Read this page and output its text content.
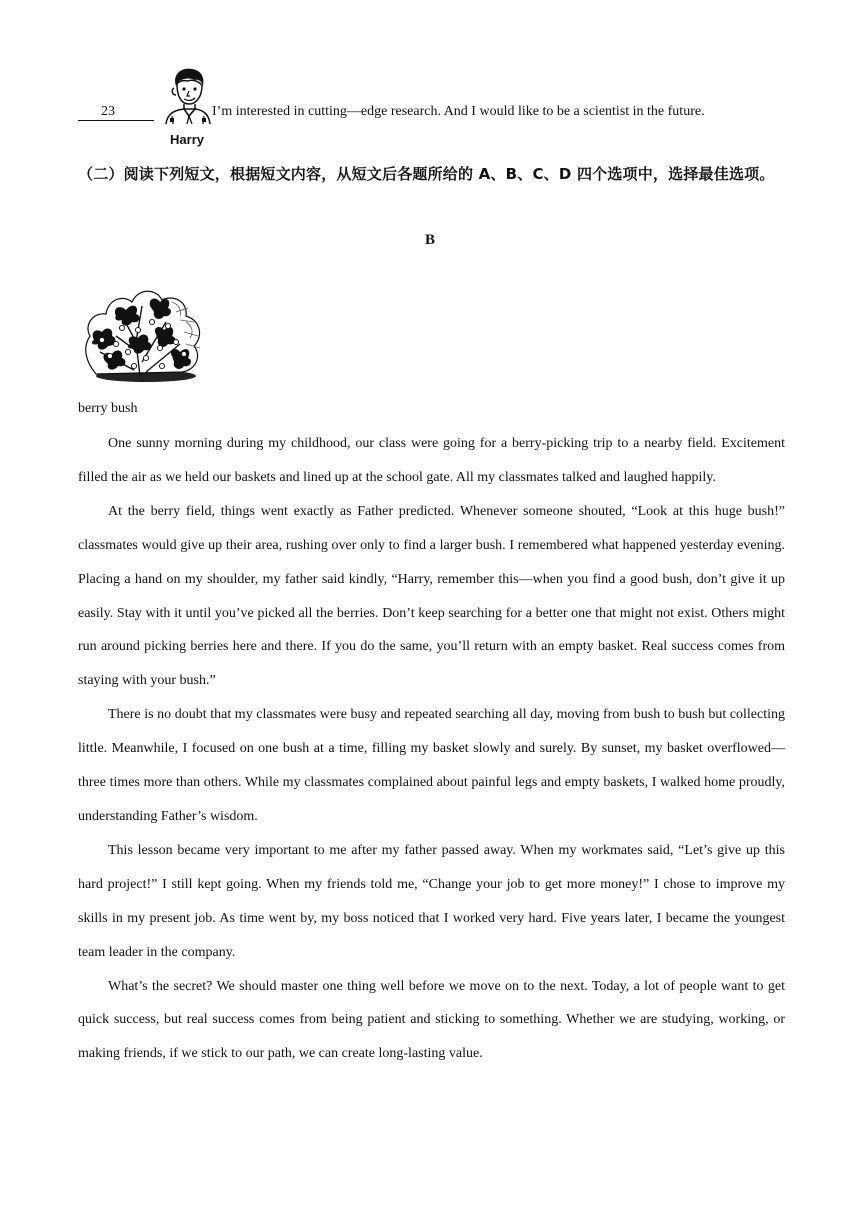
23
Harry
I’m interested in cutting—edge research. And I would like to be a scientist in the future.
（二）阅读下列短文，根据短文内容，从短文后各题所给的 A、B、C、D 四个选项中，选择最佳选项。
B
berry bush

One sunny morning during my childhood, our class were going for a berry-picking trip to a nearby field. Excitement filled the air as we held our baskets and lined up at the school gate. All my classmates talked and laughed happily.

At the berry field, things went exactly as Father predicted. Whenever someone shouted, “Look at this huge bush!” classmates would give up their area, rushing over only to find a larger bush. I remembered what happened yesterday evening. Placing a hand on my shoulder, my father said kindly, “Harry, remember this—when you find a good bush, don’t give it up easily. Stay with it until you’ve picked all the berries. Don’t keep searching for a better one that might not exist. Others might run around picking berries here and there. If you do the same, you’ll return with an empty basket. Real success comes from staying with your bush.”

There is no doubt that my classmates were busy and repeated searching all day, moving from bush to bush but collecting little. Meanwhile, I focused on one bush at a time, filling my basket slowly and surely. By sunset, my basket overflowed—three times more than others. While my classmates complained about painful legs and empty baskets, I walked home proudly, understanding Father’s wisdom.

This lesson became very important to me after my father passed away. When my workmates said, “Let’s give up this hard project!” I still kept going. When my friends told me, “Change your job to get more money!” I chose to improve my skills in my present job. As time went by, my boss noticed that I worked very hard. Five years later, I became the youngest team leader in the company.

What’s the secret? We should master one thing well before we move on to the next. Today, a lot of people want to get quick success, but real success comes from being patient and sticking to something. Whether we are studying, working, or making friends, if we stick to our path, we can create long-lasting value.
